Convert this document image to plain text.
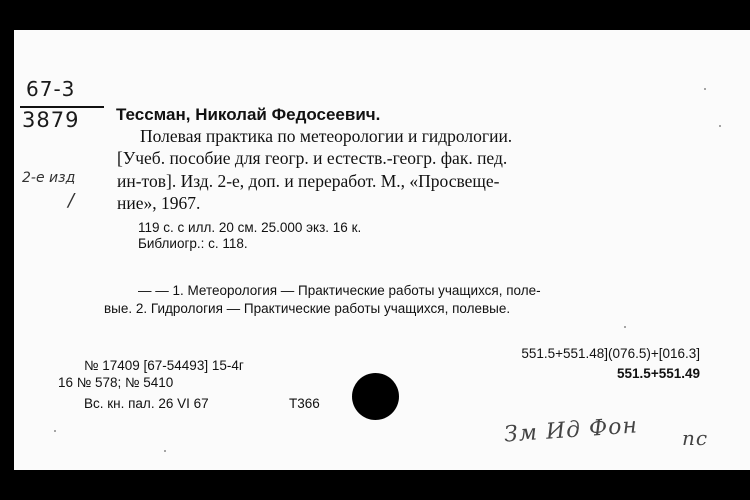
67-3
3879
2-е изд
/
Тессман, Николай Федосеевич.
Полевая практика по метеорологии и гидрологии.
[Учеб. пособие для геогр. и естеств.-геогр. фак. пед.
ин-тов]. Изд. 2-е, доп. и переработ. М., «Просвеще-
ние», 1967.
119 с. с илл. 20 см. 25.000 экз. 16 к.
Библиогр.: с. 118.
— — 1. Метеорология — Практические работы учащихся, поле-
вые. 2. Гидрология — Практические работы учащихся, полевые.
№ 17409 [67-54493] 15-4г
16 № 578; № 5410
Вс. кн. пал. 26 VI 67	Т366
551.5+551.48](076.5)+[016.3]
551.5+551.49
Зм Ид Фон пс
